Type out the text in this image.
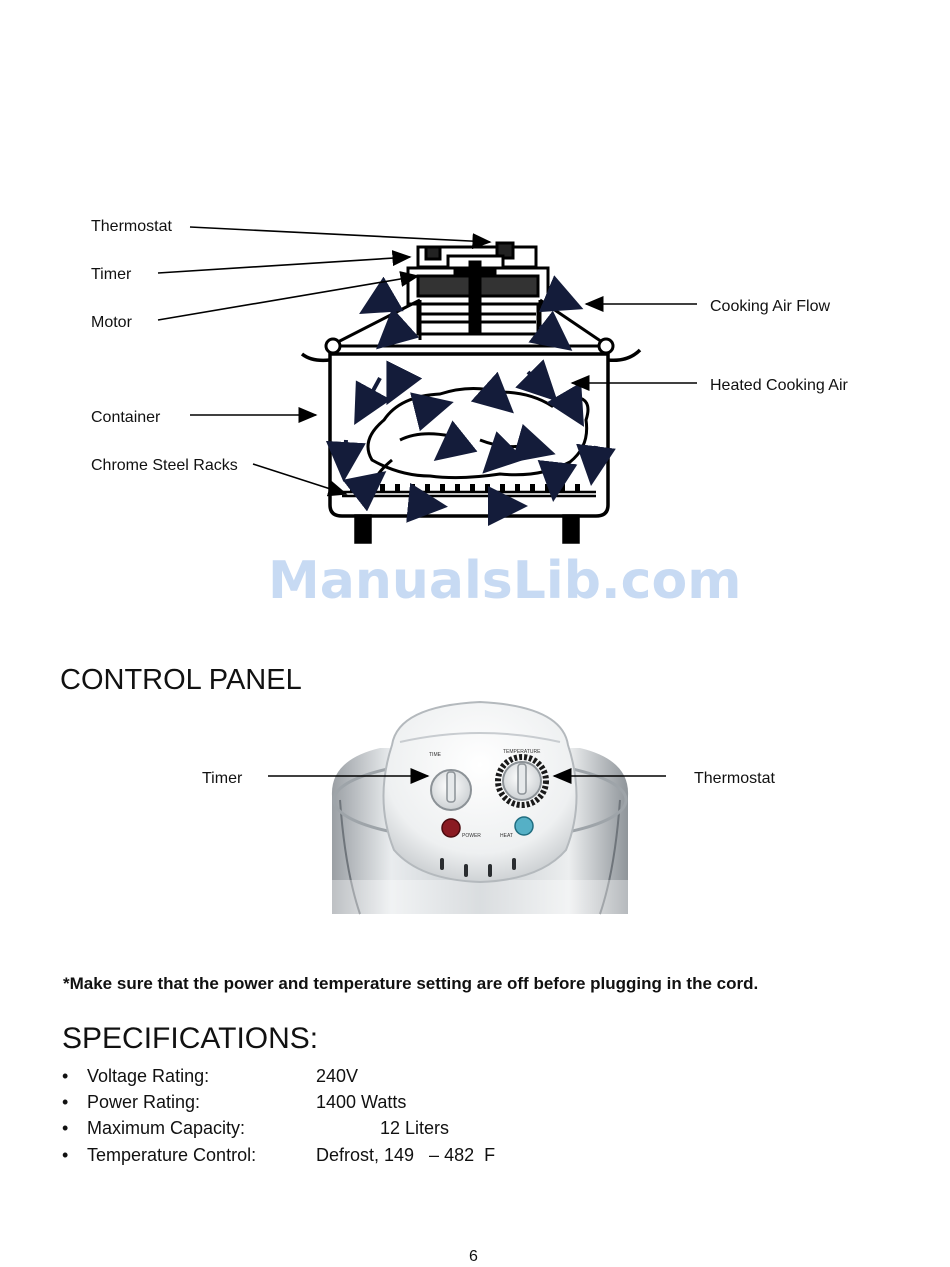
Thermostat
Timer
Motor
Container
Chrome Steel Racks
Cooking Air Flow
Heated Cooking Air
ManualsLib.com
CONTROL PANEL
TIME	TEMPERATURE
POWER	HEAT
Timer	Thermostat
*Make sure that the power and temperature setting are off before plugging in the cord.
SPECIFICATIONS:
• Voltage Rating:	240V
• Power Rating:	1400 Watts
• Maximum Capacity:	12 Liters
• Temperature Control:	Defrost, 149   – 482  F
6
